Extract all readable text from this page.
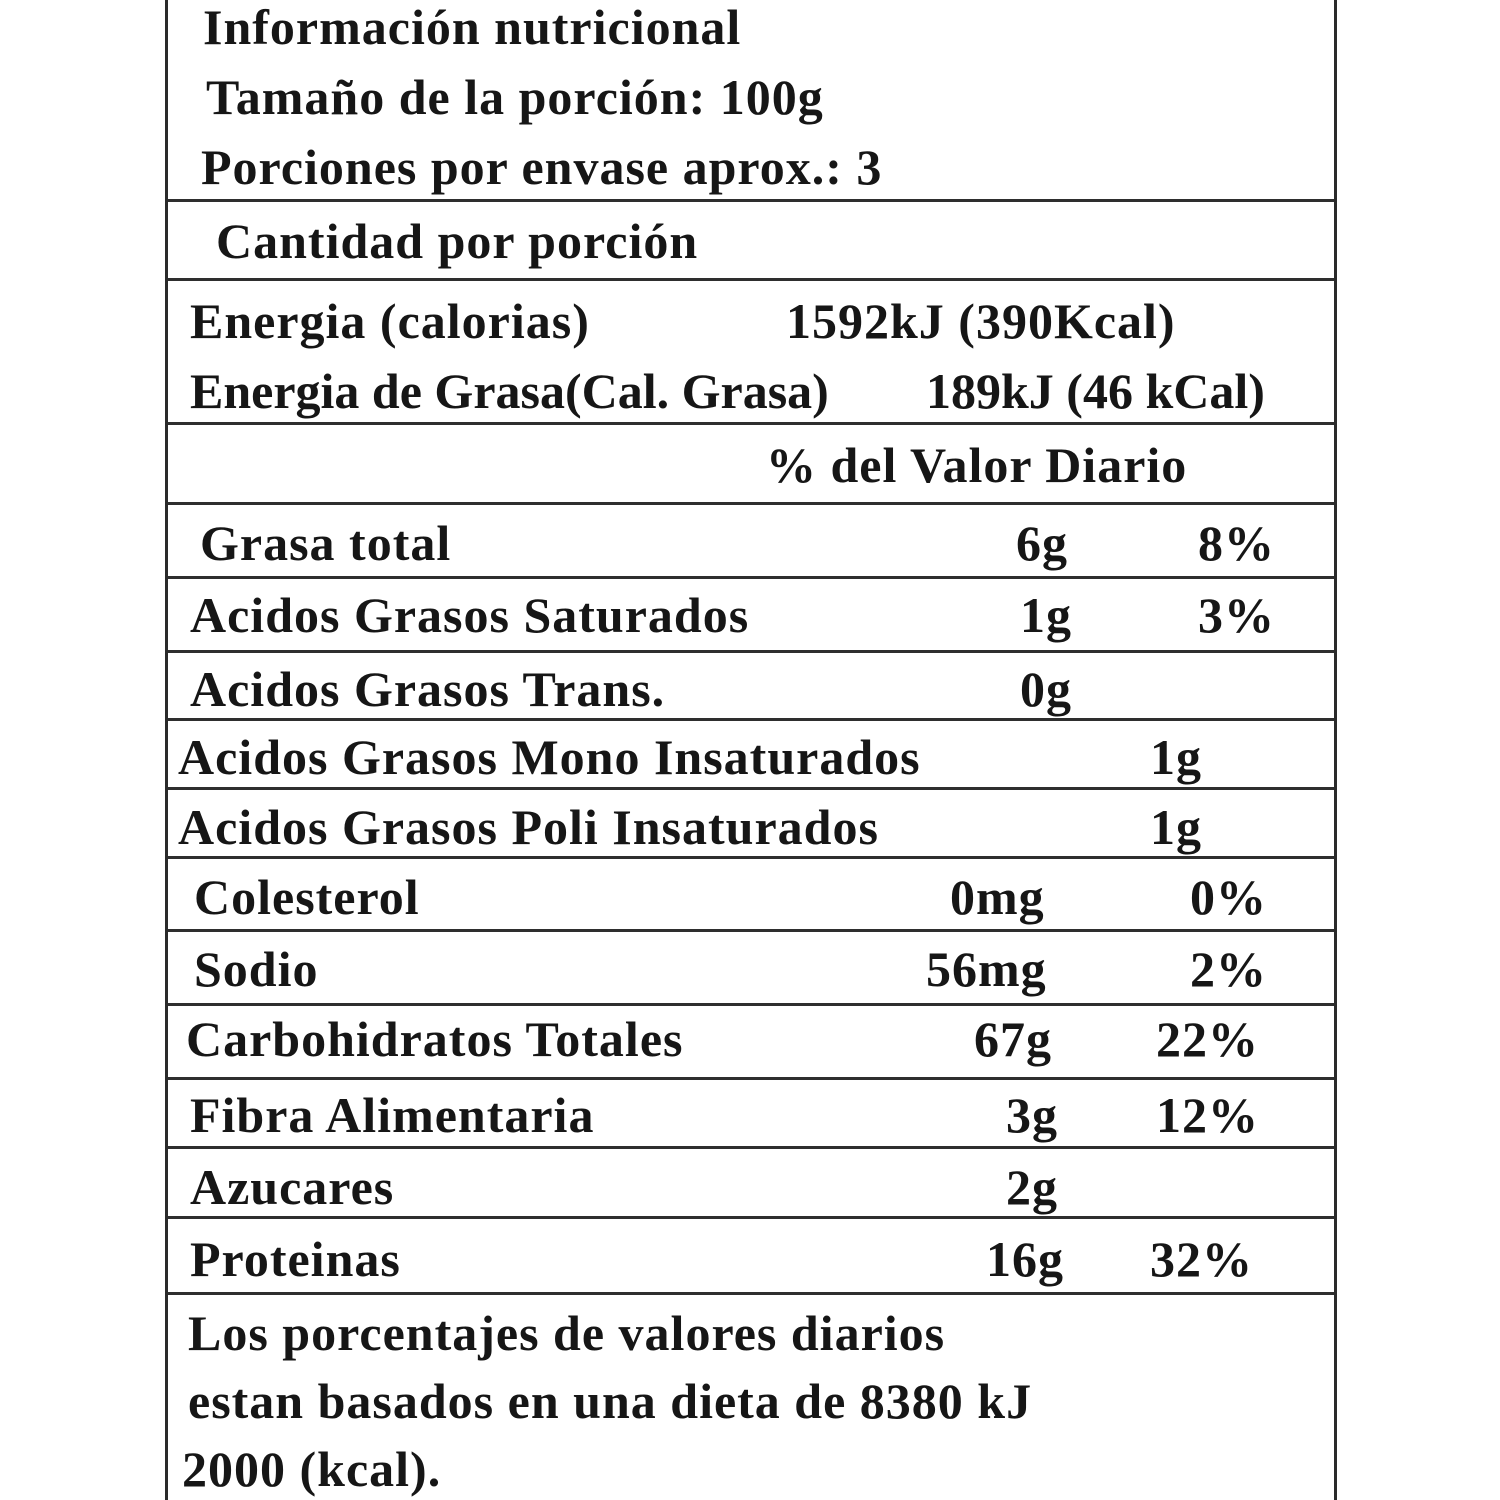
Información nutricional
Tamaño de la porción: 100g
Porciones por envase aprox.: 3
Cantidad por porción
Energia (calorias)	1592kJ (390Kcal)
Energia de Grasa(Cal. Grasa) 189kJ (46 kCal)
% del Valor Diario
Grasa total	6g	8%
Acidos Grasos Saturados	1g	3%
Acidos Grasos Trans.	0g
Acidos Grasos Mono Insaturados	1g
Acidos Grasos Poli Insaturados	1g
Colesterol	0mg	0%
Sodio	56mg	2%
Carbohidratos Totales	67g 22%
Fibra Alimentaria	3g 12%
Azucares	2g
Proteinas	16g 32%
Los porcentajes de valores diarios
estan basados en una dieta de 8380 kJ
2000 (kcal).
